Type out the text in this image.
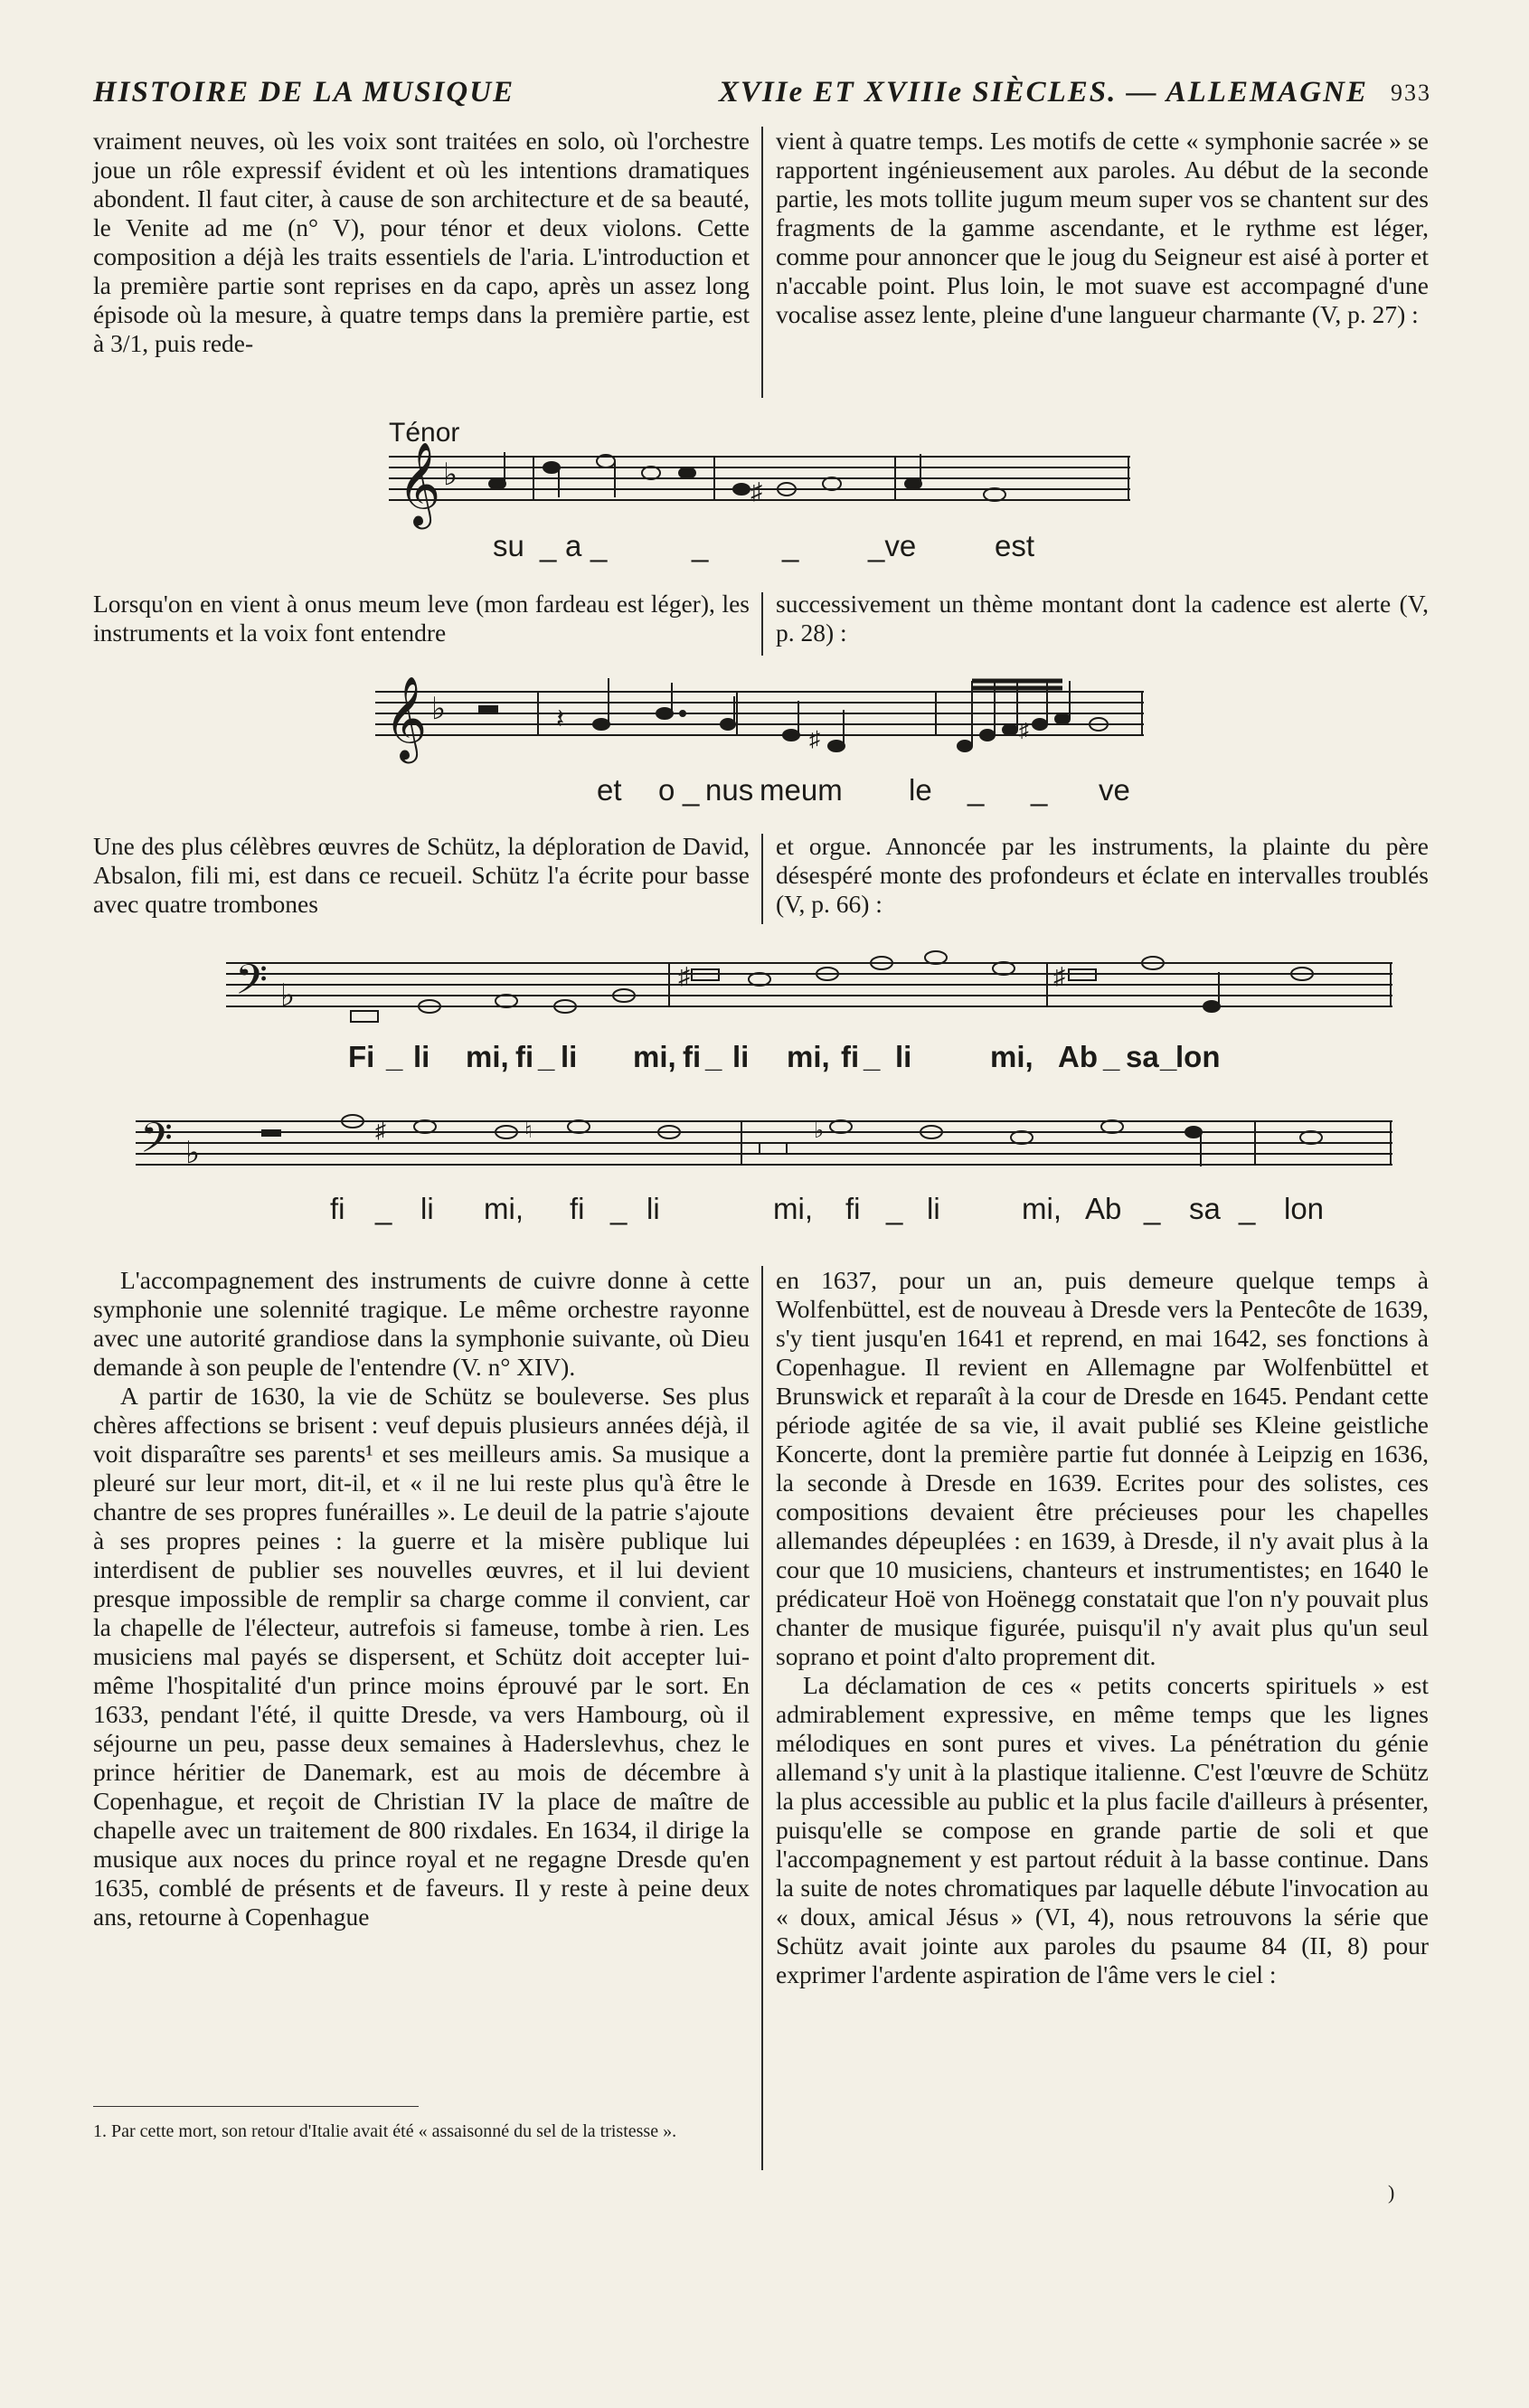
HISTOIRE DE LA MUSIQUE	XVIIe ET XVIIIe SIÈCLES. — ALLEMAGNE 933

vraiment neuves, où les voix sont traitées en solo, où l'orchestre joue un rôle expressif évident et où les intentions dramatiques abondent. Il faut citer, à cause de son architecture et de sa beauté, le Venite ad me (n° V), pour ténor et deux violons. Cette composition a déjà les traits essentiels de l'aria. L'introduction et la première partie sont reprises en da capo, après un assez long épisode où la mesure, à quatre temps dans la première partie, est à 3/1, puis rede-

vient à quatre temps. Les motifs de cette « symphonie sacrée » se rapportent ingénieusement aux paroles. Au début de la seconde partie, les mots tollite jugum meum super vos se chantent sur des fragments de la gamme ascendante, et le rythme est léger, comme pour annoncer que le joug du Seigneur est aisé à porter et n'accable point. Plus loin, le mot suave est accompagné d'une vocalise assez lente, pleine d'une langueur charmante (V, p. 27) :

Ténor
𝄞 ♭	♯
su _ a _	_ _ _ve	est

Lorsqu'on en vient à onus meum leve (mon fardeau est léger), les instruments et la voix font entendre

successivement un thème montant dont la cadence est alerte (V, p. 28) :

𝄞 ♭	𝄽
♯	♯
et o _ nus meum le _ _ ve

Une des plus célèbres œuvres de Schütz, la déploration de David, Absalon, fili mi, est dans ce recueil. Schütz l'a écrite pour basse avec quatre trombones

et orgue. Annoncée par les instruments, la plainte du père désespéré monte des profondeurs et éclate en intervalles troublés (V, p. 66) :

𝄢 ♭
♯	♯
Fi _ li mi, fi _ li mi, fi _ li mi, fi _ li	mi, Ab _ sa _
lon
𝄢 ♭
♯	♮	♭
fi _ li mi, fi _ li	mi, fi _ li	mi, Ab _ sa _ lon

L'accompagnement des instruments de cuivre donne à cette symphonie une solennité tragique. Le même orchestre rayonne avec une autorité grandiose dans la symphonie suivante, où Dieu demande à son peuple de l'entendre (V. n° XIV).

A partir de 1630, la vie de Schütz se bouleverse. Ses plus chères affections se brisent : veuf depuis plusieurs années déjà, il voit disparaître ses parents¹ et ses meilleurs amis. Sa musique a pleuré sur leur mort, dit-il, et « il ne lui reste plus qu'à être le chantre de ses propres funérailles ». Le deuil de la patrie s'ajoute à ses propres peines : la guerre et la misère publique lui interdisent de publier ses nouvelles œuvres, et il lui devient presque impossible de remplir sa charge comme il convient, car la chapelle de l'électeur, autrefois si fameuse, tombe à rien. Les musiciens mal payés se dispersent, et Schütz doit accepter lui-même l'hospitalité d'un prince moins éprouvé par le sort. En 1633, pendant l'été, il quitte Dresde, va vers Hambourg, où il séjourne un peu, passe deux semaines à Haderslevhus, chez le prince héritier de Danemark, est au mois de décembre à Copenhague, et reçoit de Christian IV la place de maître de chapelle avec un traitement de 800 rixdales. En 1634, il dirige la musique aux noces du prince royal et ne regagne Dresde qu'en 1635, comblé de présents et de faveurs. Il y reste à peine deux ans, retourne à Copenhague

en 1637, pour un an, puis demeure quelque temps à Wolfenbüttel, est de nouveau à Dresde vers la Pentecôte de 1639, s'y tient jusqu'en 1641 et reprend, en mai 1642, ses fonctions à Copenhague. Il revient en Allemagne par Wolfenbüttel et Brunswick et reparaît à la cour de Dresde en 1645. Pendant cette période agitée de sa vie, il avait publié ses Kleine geistliche Koncerte, dont la première partie fut donnée à Leipzig en 1636, la seconde à Dresde en 1639. Ecrites pour des solistes, ces compositions devaient être précieuses pour les chapelles allemandes dépeuplées : en 1639, à Dresde, il n'y avait plus à la cour que 10 musiciens, chanteurs et instrumentistes; en 1640 le prédicateur Hoë von Hoënegg constatait que l'on n'y pouvait plus chanter de musique figurée, puisqu'il n'y avait plus qu'un seul soprano et point d'alto proprement dit.

La déclamation de ces « petits concerts spirituels » est admirablement expressive, en même temps que les lignes mélodiques en sont pures et vives. La pénétration du génie allemand s'y unit à la plastique italienne. C'est l'œuvre de Schütz la plus accessible au public et la plus facile d'ailleurs à présenter, puisqu'elle se compose en grande partie de soli et que l'accompagnement y est partout réduit à la basse continue. Dans la suite de notes chromatiques par laquelle débute l'invocation au « doux, amical Jésus » (VI, 4), nous retrouvons la série que Schütz avait jointe aux paroles du psaume 84 (II, 8) pour exprimer l'ardente aspiration de l'âme vers le ciel :

1. Par cette mort, son retour d'Italie avait été « assaisonné du sel de la tristesse ».
)
